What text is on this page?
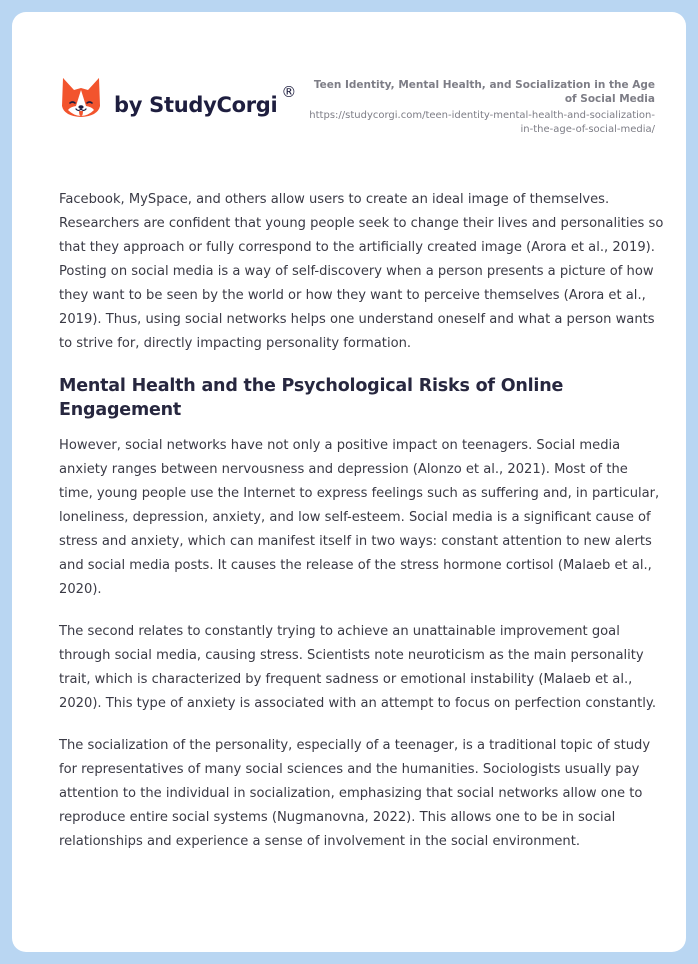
by StudyCorgi
®	Teen Identity, Mental Health, and Socialization in the Age of Social Media
https://studycorgi.com/teen-identity-mental-health-and-socialization-in-the-age-of-social-media/

Facebook, MySpace, and others allow users to create an ideal image of themselves. Researchers are confident that young people seek to change their lives and personalities so that they approach or fully correspond to the artificially created image (Arora et al., 2019). Posting on social media is a way of self-discovery when a person presents a picture of how they want to be seen by the world or how they want to perceive themselves (Arora et al., 2019). Thus, using social networks helps one understand oneself and what a person wants to strive for, directly impacting personality formation.

Mental Health and the Psychological Risks of Online Engagement

However, social networks have not only a positive impact on teenagers. Social media anxiety ranges between nervousness and depression (Alonzo et al., 2021). Most of the time, young people use the Internet to express feelings such as suffering and, in particular, loneliness, depression, anxiety, and low self-esteem. Social media is a significant cause of stress and anxiety, which can manifest itself in two ways: constant attention to new alerts and social media posts. It causes the release of the stress hormone cortisol (Malaeb et al., 2020).

The second relates to constantly trying to achieve an unattainable improvement goal through social media, causing stress. Scientists note neuroticism as the main personality trait, which is characterized by frequent sadness or emotional instability (Malaeb et al., 2020). This type of anxiety is associated with an attempt to focus on perfection constantly.

The socialization of the personality, especially of a teenager, is a traditional topic of study for representatives of many social sciences and the humanities. Sociologists usually pay attention to the individual in socialization, emphasizing that social networks allow one to reproduce entire social systems (Nugmanovna, 2022). This allows one to be in social relationships and experience a sense of involvement in the social environment.
